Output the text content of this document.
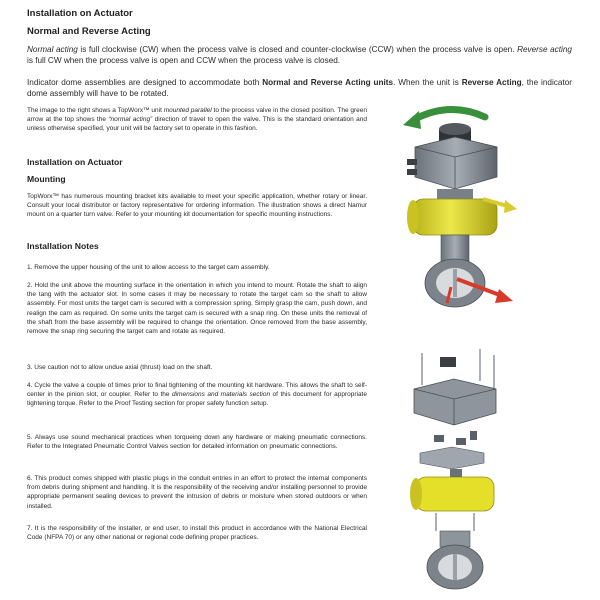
Installation on Actuator
Normal and Reverse Acting
Normal acting is full clockwise (CW) when the process valve is closed and counter-clockwise (CCW) when the process valve is open. Reverse acting is full CW when the process valve is open and CCW when the process valve is closed.
Indicator dome assemblies are designed to accommodate both Normal and Reverse Acting units. When the unit is Reverse Acting, the indicator dome assembly will have to be rotated.
The image to the right shows a TopWorx™ unit mounted parallel to the process valve in the closed position. The green arrow at the top shows the “normal acting” direction of travel to open the valve. This is the standard orientation and unless otherwise specified, your unit will be factory set to operate in this fashion.
Installation on Actuator
Mounting
TopWorx™ has numerous mounting bracket kits available to meet your specific application, whether rotary or linear. Consult your local distributor or factory representative for ordering information. The illustration shows a direct Namur mount on a quarter turn valve. Refer to your mounting kit documentation for specific mounting instructions.
Installation Notes
1. Remove the upper housing of the unit to allow access to the target cam assembly.
2. Hold the unit above the mounting surface in the orientation in which you intend to mount. Rotate the shaft to align the tang with the actuator slot. In some cases it may be necessary to rotate the target cam so the shaft to allow assembly. For most units the target cam is secured with a compression spring. Simply grasp the cam, push down, and realign the cam as required. On some units the target cam is secured with a snap ring. On these units the removal of the shaft from the base assembly will be required to change the orientation. Once removed from the base assembly, remove the snap ring securing the target cam and rotate as required.
3. Use caution not to allow undue axial (thrust) load on the shaft.
4. Cycle the valve a couple of times prior to final tightening of the mounting kit hardware. This allows the shaft to self-center in the pinion slot, or coupler. Refer to the dimensions and materials section of this document for appropriate tightening torque. Refer to the Proof Testing section for proper safety function setup.
5. Always use sound mechanical practices when torqueing down any hardware or making pneumatic connections. Refer to the Integrated Pneumatic Control Valves section for detailed information on pneumatic connections.
6. This product comes shipped with plastic plugs in the conduit entries in an effort to protect the internal components from debris during shipment and handling. It is the responsibility of the receiving and/or installing personnel to provide appropriate permanent sealing devices to prevent the intrusion of debris or moisture when stored outdoors or when installed.
7. It is the responsibility of the installer, or end user, to install this product in accordance with the National Electrical Code (NFPA 70) or any other national or regional code defining proper practices.
